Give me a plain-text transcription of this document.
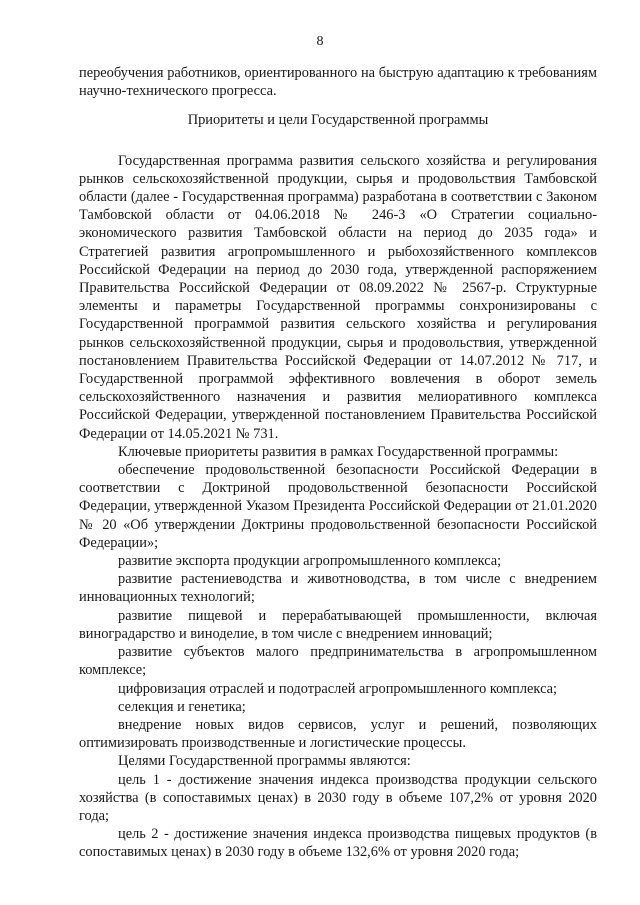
8

переобучения работников, ориентированного на быструю адаптацию к требованиям научно-технического прогресса.

Приоритеты и цели Государственной программы

Государственная программа развития сельского хозяйства и регулирования рынков сельскохозяйственной продукции, сырья и продовольствия Тамбовской области (далее - Государственная программа) разработана в соответствии с Законом Тамбовской области от 04.06.2018 № 246-З «О Стратегии социально-экономического развития Тамбовской области на период до 2035 года» и Стратегией развития агропромышленного и рыбохозяйственного комплексов Российской Федерации на период до 2030 года, утвержденной распоряжением Правительства Российской Федерации от 08.09.2022 № 2567-р. Структурные элементы и параметры Государственной программы сонхронизированы с Государственной программой развития сельского хозяйства и регулирования рынков сельскохозяйственной продукции, сырья и продовольствия, утвержденной постановлением Правительства Российской Федерации от 14.07.2012 № 717, и Государственной программой эффективного вовлечения в оборот земель сельскохозяйственного назначения и развития мелиоративного комплекса Российской Федерации, утвержденной постановлением Правительства Российской Федерации от 14.05.2021 № 731.

Ключевые приоритеты развития в рамках Государственной программы:

обеспечение продовольственной безопасности Российской Федерации в соответствии с Доктриной продовольственной безопасности Российской Федерации, утвержденной Указом Президента Российской Федерации от 21.01.2020 № 20 «Об утверждении Доктрины продовольственной безопасности Российской Федерации»;

развитие экспорта продукции агропромышленного комплекса;

развитие растениеводства и животноводства, в том числе с внедрением инновационных технологий;

развитие пищевой и перерабатывающей промышленности, включая виноградарство и виноделие, в том числе с внедрением инноваций;

развитие субъектов малого предпринимательства в агропромышленном комплексе;

цифровизация отраслей и подотраслей агропромышленного комплекса;

селекция и генетика;

внедрение новых видов сервисов, услуг и решений, позволяющих оптимизировать производственные и логистические процессы.

Целями Государственной программы являются:

цель 1 - достижение значения индекса производства продукции сельского хозяйства (в сопоставимых ценах) в 2030 году в объеме 107,2% от уровня 2020 года;

цель 2 - достижение значения индекса производства пищевых продуктов (в сопоставимых ценах) в 2030 году в объеме 132,6% от уровня 2020 года;
